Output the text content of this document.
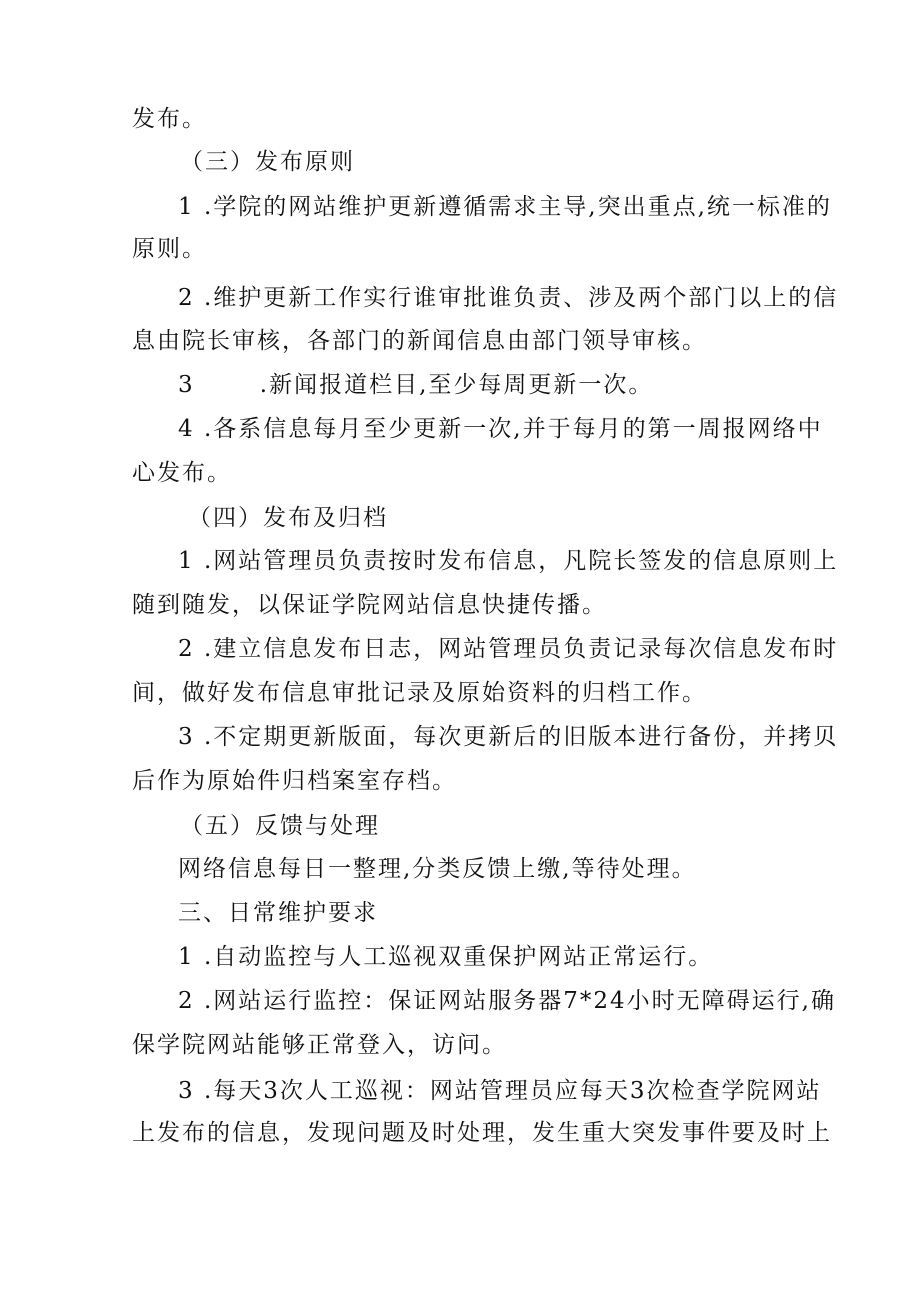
发布。
（三）发布原则
1 .学院的网站维护更新遵循需求主导,突出重点,统一标准的
原则。
2 .维护更新工作实行谁审批谁负责、涉及两个部门以上的信
息由院长审核，各部门的新闻信息由部门领导审核。
3       .新闻报道栏目,至少每周更新一次。
4 .各系信息每月至少更新一次,并于每月的第一周报网络中
心发布。
（四）发布及归档
1 .网站管理员负责按时发布信息，凡院长签发的信息原则上
随到随发，以保证学院网站信息快捷传播。
2 .建立信息发布日志，网站管理员负责记录每次信息发布时
间，做好发布信息审批记录及原始资料的归档工作。
3 .不定期更新版面，每次更新后的旧版本进行备份，并拷贝
后作为原始件归档案室存档。
（五）反馈与处理
网络信息每日一整理,分类反馈上缴,等待处理。
三、日常维护要求
1 .自动监控与人工巡视双重保护网站正常运行。
2 .网站运行监控：保证网站服务器7*24小时无障碍运行,确
保学院网站能够正常登入，访问。
3 .每天3次人工巡视：网站管理员应每天3次检查学院网站
上发布的信息，发现问题及时处理，发生重大突发事件要及时上
